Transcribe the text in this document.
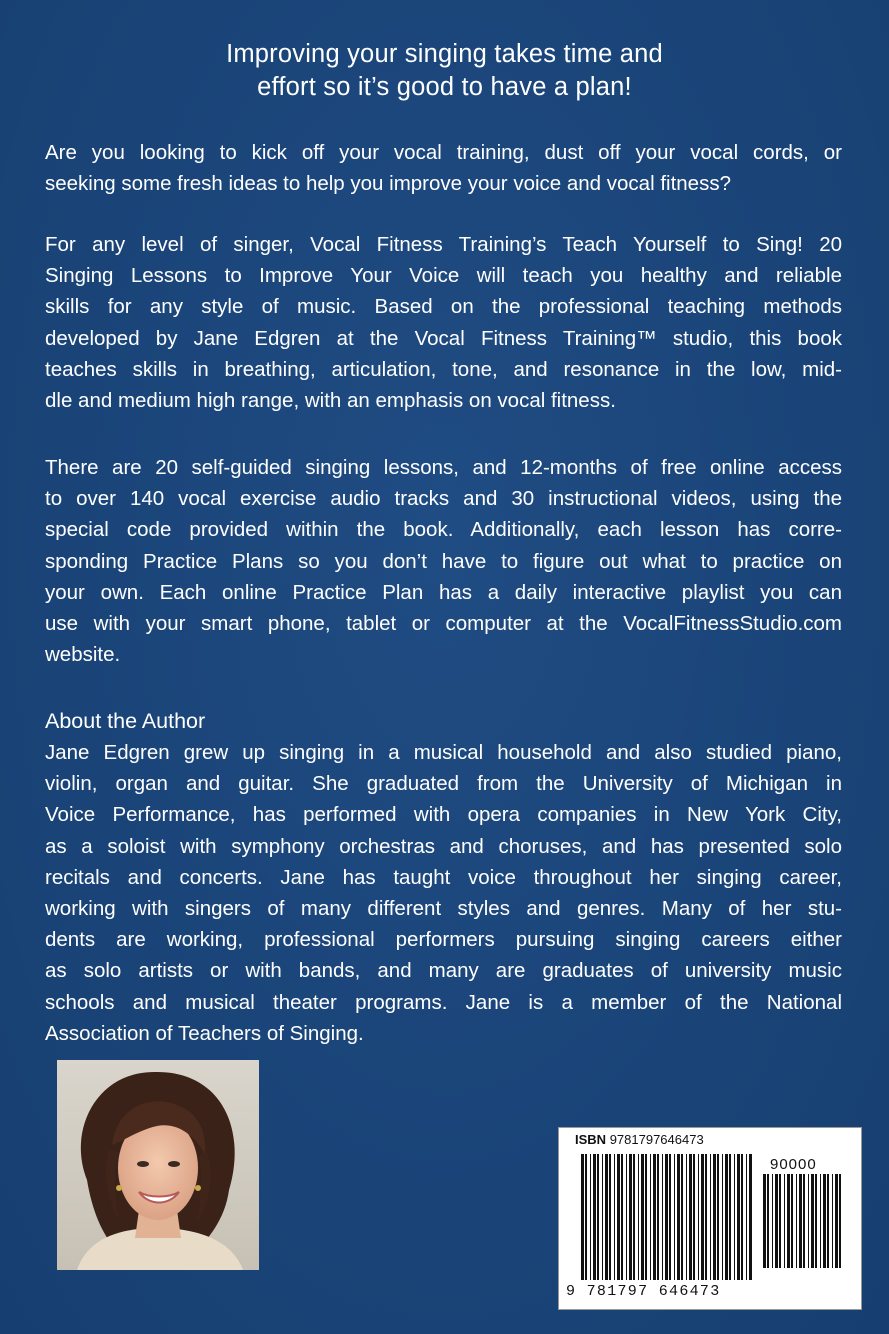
Improving your singing takes time and
effort so it’s good to have a plan!
Are you looking to kick off your vocal training, dust off your vocal cords, or
seeking some fresh ideas to help you improve your voice and vocal fitness?
For any level of singer, Vocal Fitness Training’s Teach Yourself to Sing! 20
Singing Lessons to Improve Your Voice will teach you healthy and reliable
skills for any style of music. Based on the professional teaching methods
developed by Jane Edgren at the Vocal Fitness Training™ studio, this book
teaches skills in breathing, articulation, tone, and resonance in the low, mid-
dle and medium high range, with an emphasis on vocal fitness.
There are 20 self-guided singing lessons, and 12-months of free online access
to over 140 vocal exercise audio tracks and 30 instructional videos, using the
special code provided within the book. Additionally, each lesson has corre-
sponding Practice Plans so you don’t have to figure out what to practice on
your own. Each online Practice Plan has a daily interactive playlist you can
use with your smart phone, tablet or computer at the VocalFitnessStudio.com
website.
About the Author
Jane Edgren grew up singing in a musical household and also studied piano,
violin, organ and guitar. She graduated from the University of Michigan in
Voice Performance, has performed with opera companies in New York City,
as a soloist with symphony orchestras and choruses, and has presented solo
recitals and concerts. Jane has taught voice throughout her singing career,
working with singers of many different styles and genres. Many of her stu-
dents are working, professional performers pursuing singing careers either
as solo artists or with bands, and many are graduates of university music
schools and musical theater programs. Jane is a member of the National
Association of Teachers of Singing.
ISBN 9781797646473
90000
9 781797 646473
